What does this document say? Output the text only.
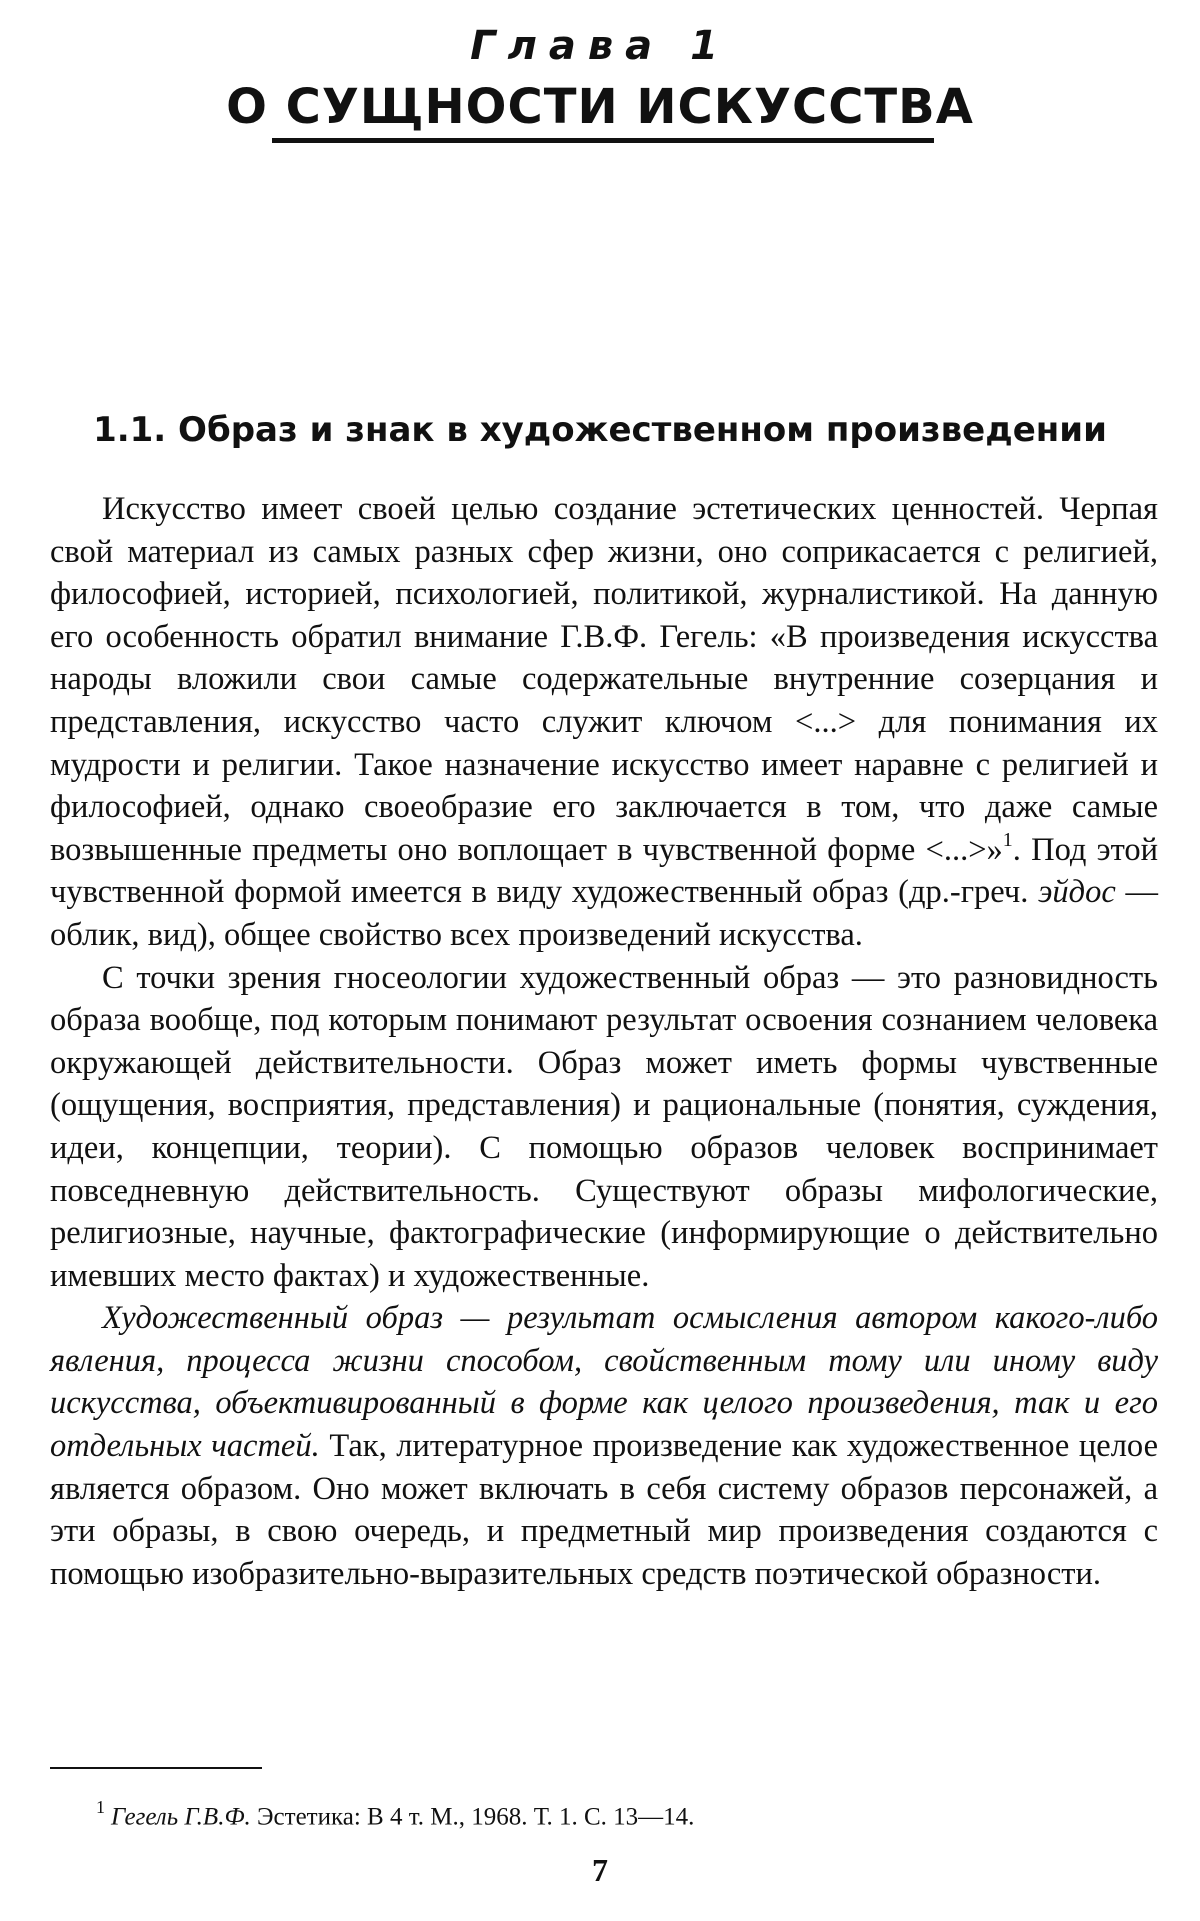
Глава 1
О СУЩНОСТИ ИСКУССТВА
1.1. Образ и знак в художественном произведении

Искусство имеет своей целью создание эстетических ценностей. Черпая свой материал из самых разных сфер жизни, оно соприкасается с религией, философией, историей, психологией, политикой, журналистикой. На данную его особенность обратил внимание Г.В.Ф. Гегель: «В произведения искусства народы вложили свои самые содержательные внутренние созерцания и представления, искусство часто служит ключом <...> для понимания их мудрости и религии. Такое назначение искусство имеет наравне с религией и философией, однако своеобразие его заключается в том, что даже самые возвышенные предметы оно воплощает в чувственной форме <...>»$^1$. Под этой чувственной формой имеется в виду художественный образ (др.-греч. эйдос — облик, вид), общее свойство всех произведений искусства.

С точки зрения гносеологии художественный образ — это разновидность образа вообще, под которым понимают результат освоения сознанием человека окружающей действительности. Образ может иметь формы чувственные (ощущения, восприятия, представления) и рациональные (понятия, суждения, идеи, концепции, теории). С помощью образов человек воспринимает повседневную действительность. Существуют образы мифологические, религиозные, научные, фактографические (информирующие о действительно имевших место фактах) и художественные.

Художественный образ — результат осмысления автором какого-либо явления, процесса жизни способом, свойственным тому или иному виду искусства, объективированный в форме как целого произведения, так и его отдельных частей. Так, литературное произведение как художественное целое является образом. Оно может включать в себя систему образов персонажей, а эти образы, в свою очередь, и предметный мир произведения создаются с помощью изобразительно-выразительных средств поэтической образности.

$^1$ Гегель Г.В.Ф. Эстетика: В 4 т. М., 1968. Т. 1. С. 13—14.
7
